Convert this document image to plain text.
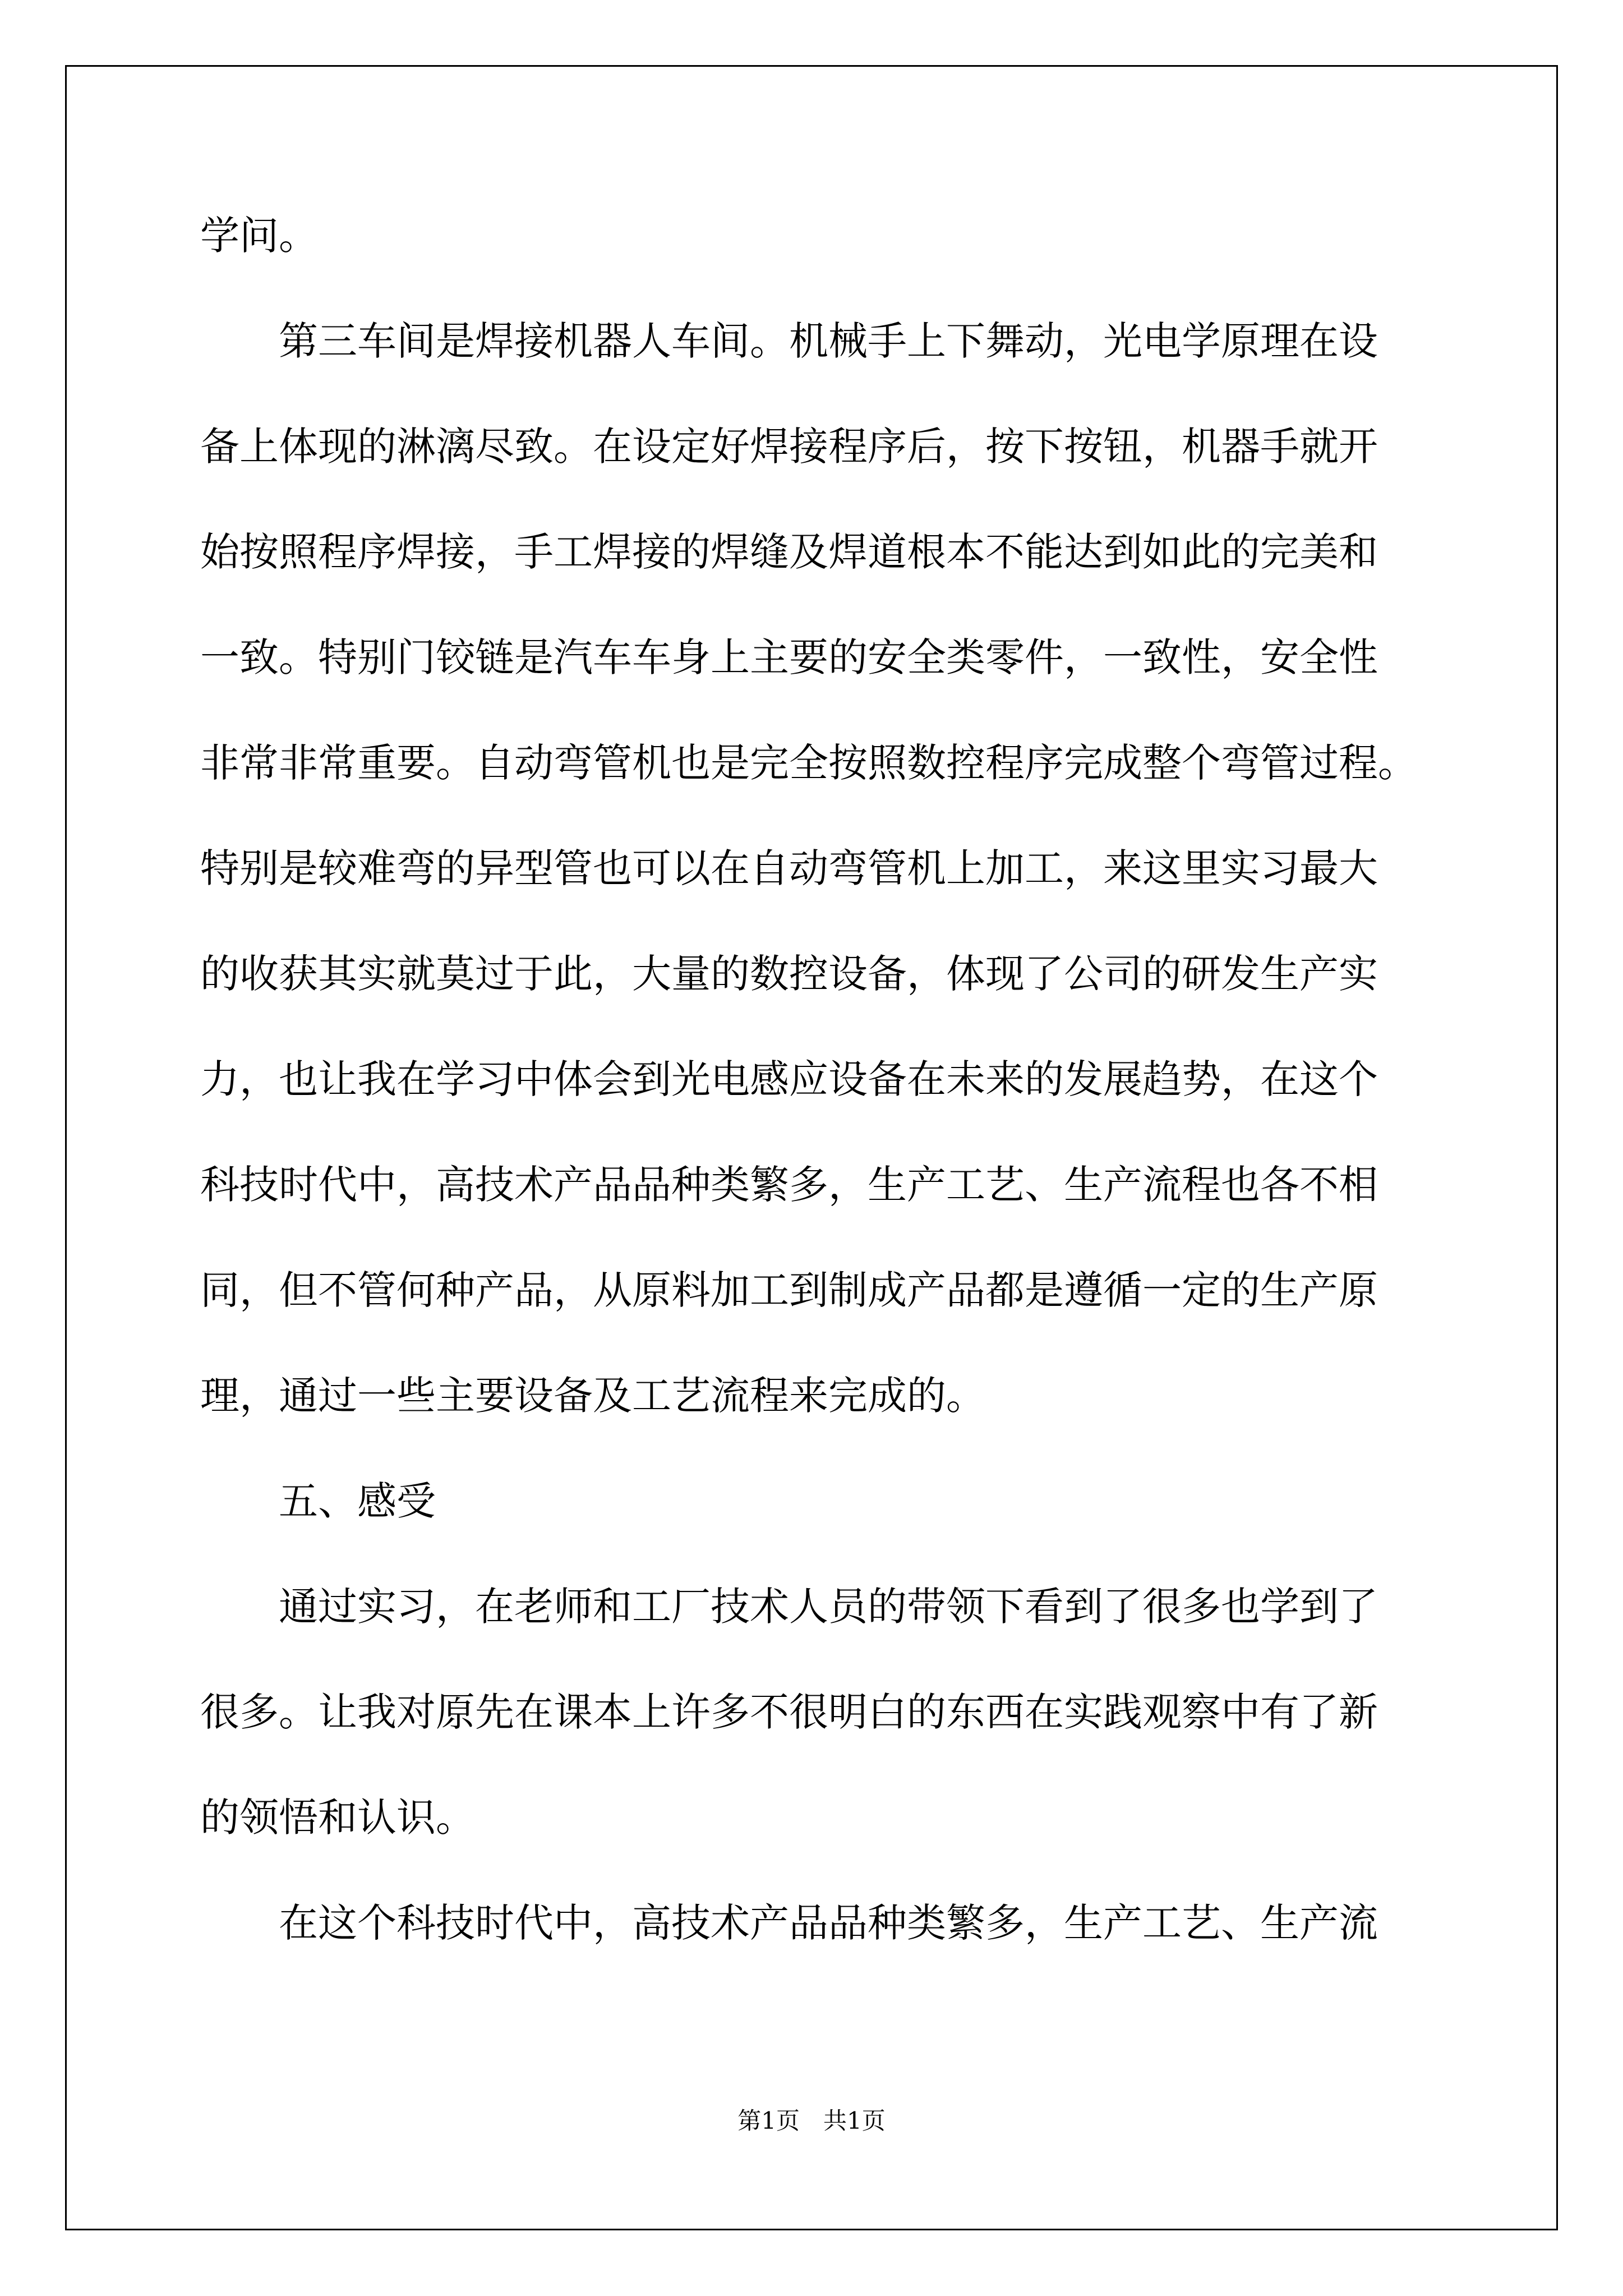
学问。
第三车间是焊接机器人车间。机械手上下舞动，光电学原理在设
备上体现的淋漓尽致。在设定好焊接程序后，按下按钮，机器手就开
始按照程序焊接，手工焊接的焊缝及焊道根本不能达到如此的完美和
一致。特别门铰链是汽车车身上主要的安全类零件，一致性，安全性
非常非常重要。自动弯管机也是完全按照数控程序完成整个弯管过程。
特别是较难弯的异型管也可以在自动弯管机上加工，来这里实习最大
的收获其实就莫过于此，大量的数控设备，体现了公司的研发生产实
力，也让我在学习中体会到光电感应设备在未来的发展趋势，在这个
科技时代中，高技术产品品种类繁多，生产工艺、生产流程也各不相
同，但不管何种产品，从原料加工到制成产品都是遵循一定的生产原
理，通过一些主要设备及工艺流程来完成的。
五、感受
通过实习，在老师和工厂技术人员的带领下看到了很多也学到了
很多。让我对原先在课本上许多不很明白的东西在实践观察中有了新
的领悟和认识。
在这个科技时代中，高技术产品品种类繁多，生产工艺、生产流
第1页　共1页
